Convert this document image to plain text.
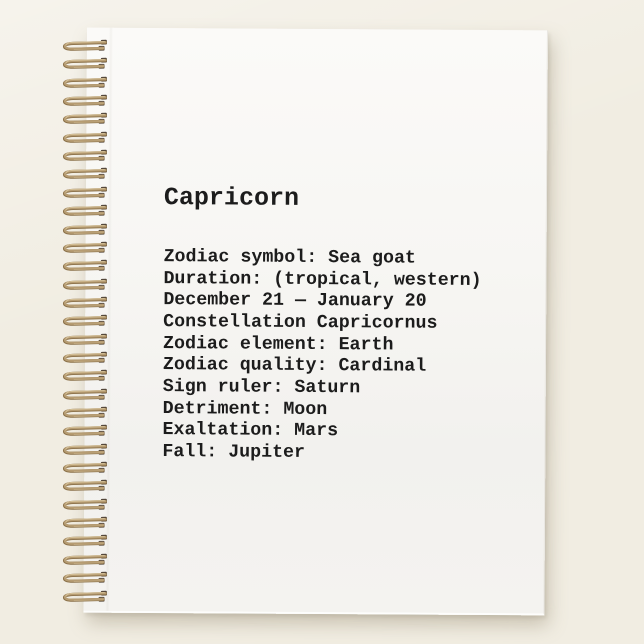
Capricorn
Zodiac symbol: Sea goat
Duration: (tropical, western)
December 21 — January 20
Constellation Capricornus
Zodiac element: Earth
Zodiac quality: Cardinal
Sign ruler: Saturn
Detriment: Moon
Exaltation: Mars
Fall: Jupiter
